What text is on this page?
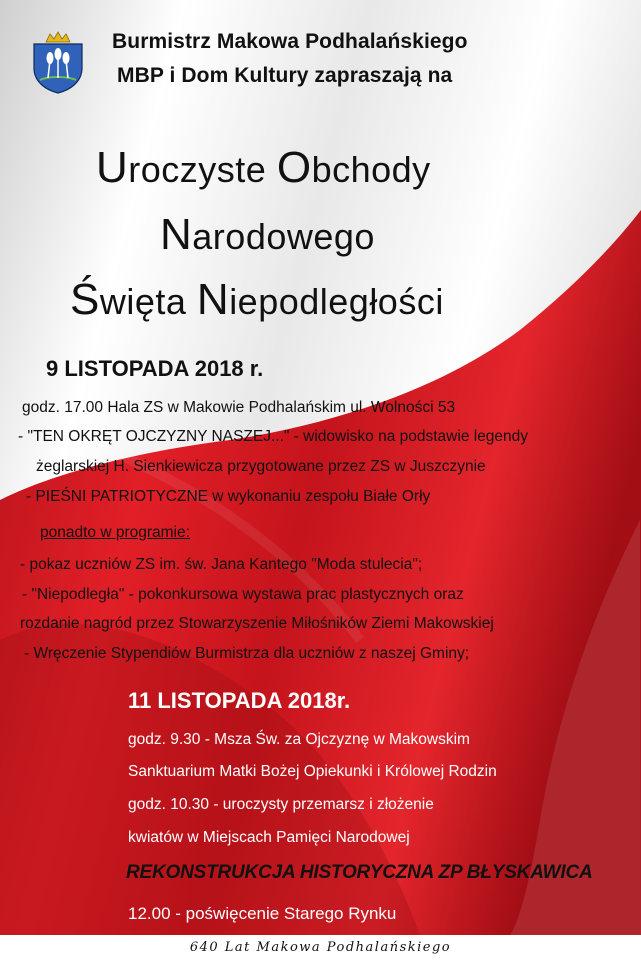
Burmistrz Makowa Podhalańskiego
MBP i Dom Kultury zapraszają na
Uroczyste Obchody
Narodowego
Święta Niepodległości
9 LISTOPADA 2018 r.
godz. 17.00 Hala ZS w Makowie Podhalańskim ul. Wolności 53
- "TEN OKRĘT OJCZYZNY NASZEJ..." - widowisko na podstawie legendy
żeglarskiej H. Sienkiewicza przygotowane przez ZS w Juszczynie
- PIEŚNI PATRIOTYCZNE w wykonaniu zespołu Białe Orły
ponadto w programie:
- pokaz uczniów ZS im. św. Jana Kantego "Moda stulecia";
- "Niepodległa" - pokonkursowa wystawa prac plastycznych oraz
rozdanie nagród przez Stowarzyszenie Miłośników Ziemi Makowskiej
- Wręczenie Stypendiów Burmistrza dla uczniów z naszej Gminy;
11 LISTOPADA 2018r.
godz. 9.30 - Msza Św. za Ojczyznę w Makowskim
Sanktuarium Matki Bożej Opiekunki i Królowej Rodzin
godz. 10.30 - uroczysty przemarsz i złożenie
kwiatów w Miejscach Pamięci Narodowej
REKONSTRUKCJA HISTORYCZNA ZP BŁYSKAWICA
12.00 - poświęcenie Starego Rynku
640 Lat Makowa Podhalańskiego
